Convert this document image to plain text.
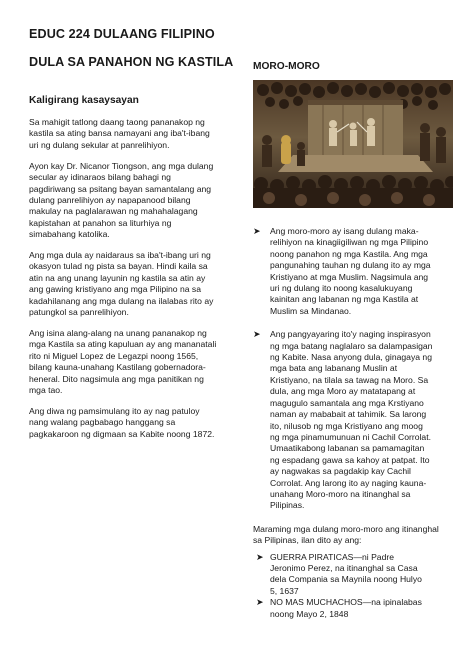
EDUC 224 DULAANG FILIPINO
DULA SA PANAHON NG KASTILA
Kaligirang kasaysayan

Sa mahigit tatlong daang taong pananakop ng
kastila sa ating bansa namayani ang iba't-ibang
uri ng dulang sekular at panrelihiyon.

Ayon kay Dr. Nicanor Tiongson, ang mga dulang
secular ay idinaraos bilang bahagi ng
pagdiriwang sa psitang bayan samantalang ang
dulang panrelihiyon ay napapanood bilang
makulay na paglalarawan ng mahahalagang
kapistahan at panahon sa liturhiya ng
simabahang katolika.

Ang mga dula ay naidaraus sa iba't-ibang uri ng
okasyon tulad ng pista sa bayan. Hindi kaila sa
atin na ang unang layunin ng kastila sa atin ay
ang gawing kristiyano ang mga Pilipino na sa
kadahilanang ang mga dulang na ilalabas rito ay
patungkol sa panrelihiyon.

Ang isina alang-alang na unang pananakop ng
mga Kastila sa ating kapuluan ay ang mananatali
rito ni Miguel Lopez de Legazpi noong 1565,
bilang kauna-unahang Kastilang gobernadora-
heneral. Dito nagsimula ang mga panitikan ng
mga tao.

Ang diwa ng pamsimulang ito ay nag patuloy
nang walang pagbabago hanggang sa
pagkakaroon ng digmaan sa Kabite noong 1872.

MORO-MORO
➤	Ang moro-moro ay isang dulang maka-
relihiyon na kinagiigiliwan ng mga Pilipino
noong panahon ng mga Kastila. Ang mga
pangunahing tauhan ng dulang ito ay mga
Kristiyano at mga Muslim. Nagsimula ang
uri ng dulang ito noong kasalukuyang
kainitan ang labanan ng mga Kastila at
Muslim sa Mindanao.
➤	Ang pangyayaring ito'y naging inspirasyon
ng mga batang naglalaro sa dalampasigan
ng Kabite. Nasa anyong dula, ginagaya ng
mga bata ang labanang Muslin at
Kristiyano, na tilala sa tawag na Moro. Sa
dula, ang mga Moro ay matatapang at
magugulo samantala ang mga Krstiyano
naman ay mababait at tahimik. Sa larong
ito, nilusob ng mga Kristiyano ang moog
ng mga pinamumunuan ni Cachil Corrolat.
Umaatikabong labanan sa pamamagitan
ng espadang gawa sa kahoy at patpat. Ito
ay nagwakas sa pagdakip kay Cachil
Corrolat. Ang larong ito ay naging kauna-
unahang Moro-moro na itinanghal sa
Pilipinas.

Maraming mga dulang moro-moro ang itinanghal
sa Pilipinas, ilan dito ay ang:

➤ GUERRA PIRATICAS—ni Padre
Jeronimo Perez, na itinanghal sa Casa
dela Compania sa Maynila noong Hulyo
5, 1637
➤ NO MAS MUCHACHOS—na ipinalabas
noong Mayo 2, 1848
